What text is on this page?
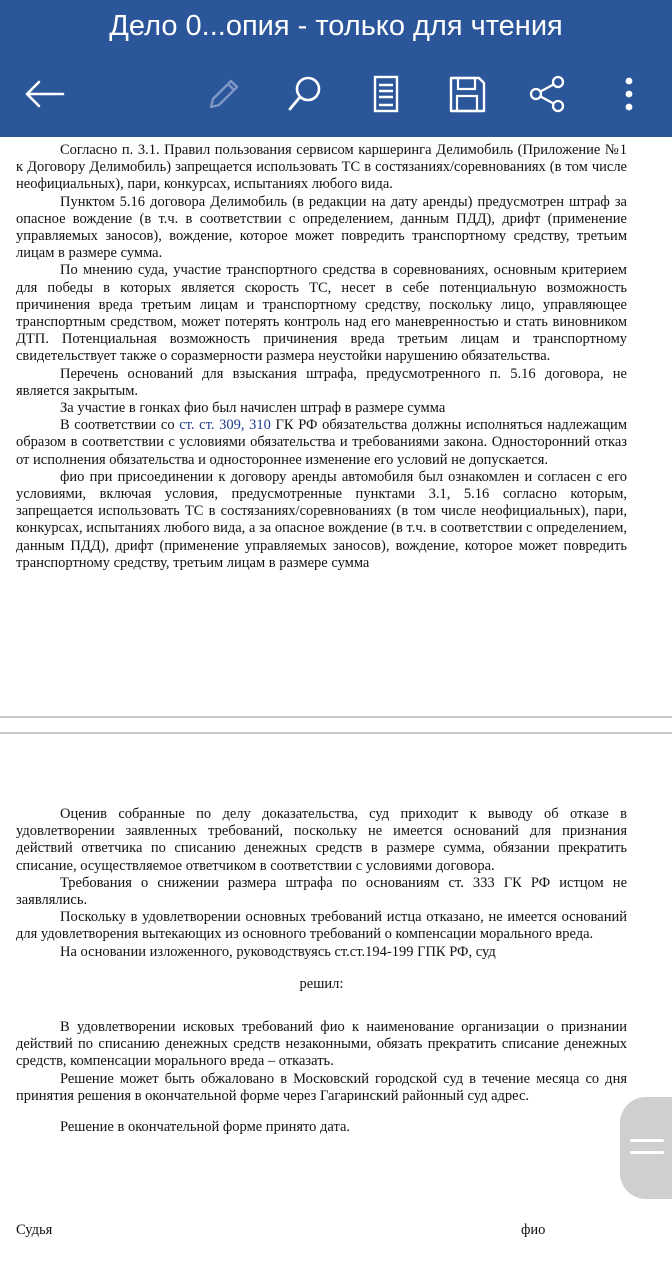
Дело 0...опия - только для чтения

Согласно п. 3.1. Правил пользования сервисом каршеринга Делимобиль (Приложение №1 к Договору Делимобиль) запрещается использовать ТС в состязаниях/соревнованиях (в том числе неофициальных), пари, конкурсах, испытаниях любого вида.

Пунктом 5.16 договора Делимобиль (в редакции на дату аренды) предусмотрен штраф за опасное вождение (в т.ч. в соответствии с определением, данным ПДД), дрифт (применение управляемых заносов), вождение, которое может повредить транспортному средству, третьим лицам в размере сумма.

По мнению суда, участие транспортного средства в соревнованиях, основным критерием для победы в которых является скорость ТС, несет в себе потенциальную возможность причинения вреда третьим лицам и транспортному средству, поскольку лицо, управляющее транспортным средством, может потерять контроль над его маневренностью и стать виновником ДТП. Потенциальная возможность причинения вреда третьим лицам и транспортному свидетельствует также о соразмерности размера неустойки нарушению обязательства.

Перечень оснований для взыскания штрафа, предусмотренного п. 5.16 договора, не является закрытым.

За участие в гонках фио был начислен штраф в размере сумма

В соответствии со ст. ст. 309, 310 ГК РФ обязательства должны исполняться надлежащим образом в соответствии с условиями обязательства и требованиями закона. Односторонний отказ от исполнения обязательства и одностороннее изменение его условий не допускается.

фио при присоединении к договору аренды автомобиля был ознакомлен и согласен с его условиями, включая условия, предусмотренные пунктами 3.1, 5.16 согласно которым, запрещается использовать ТС в состязаниях/соревнованиях (в том числе неофициальных), пари, конкурсах, испытаниях любого вида, а за опасное вождение (в т.ч. в соответствии с определением, данным ПДД), дрифт (применение управляемых заносов), вождение, которое может повредить транспортному средству, третьим лицам в размере сумма

Оценив собранные по делу доказательства, суд приходит к выводу об отказе в удовлетворении заявленных требований, поскольку не имеется оснований для признания действий ответчика по списанию денежных средств в размере сумма, обязании прекратить списание, осуществляемое ответчиком в соответствии с условиями договора.

Требования о снижении размера штрафа по основаниям ст. 333 ГК РФ истцом не заявлялись.

Поскольку в удовлетворении основных требований истца отказано, не имеется оснований для удовлетворения вытекающих из основного требований о компенсации морального вреда.

На основании изложенного, руководствуясь ст.ст.194-199 ГПК РФ, суд

решил:

В удовлетворении исковых требований фио к наименование организации о признании действий по списанию денежных средств незаконными, обязать прекратить списание денежных средств, компенсации морального вреда – отказать.

Решение может быть обжаловано в Московский городской суд в течение месяца со дня принятия решения в окончательной форме через Гагаринский районный суд адрес.

Решение в окончательной форме принято дата.

Судья	фио
